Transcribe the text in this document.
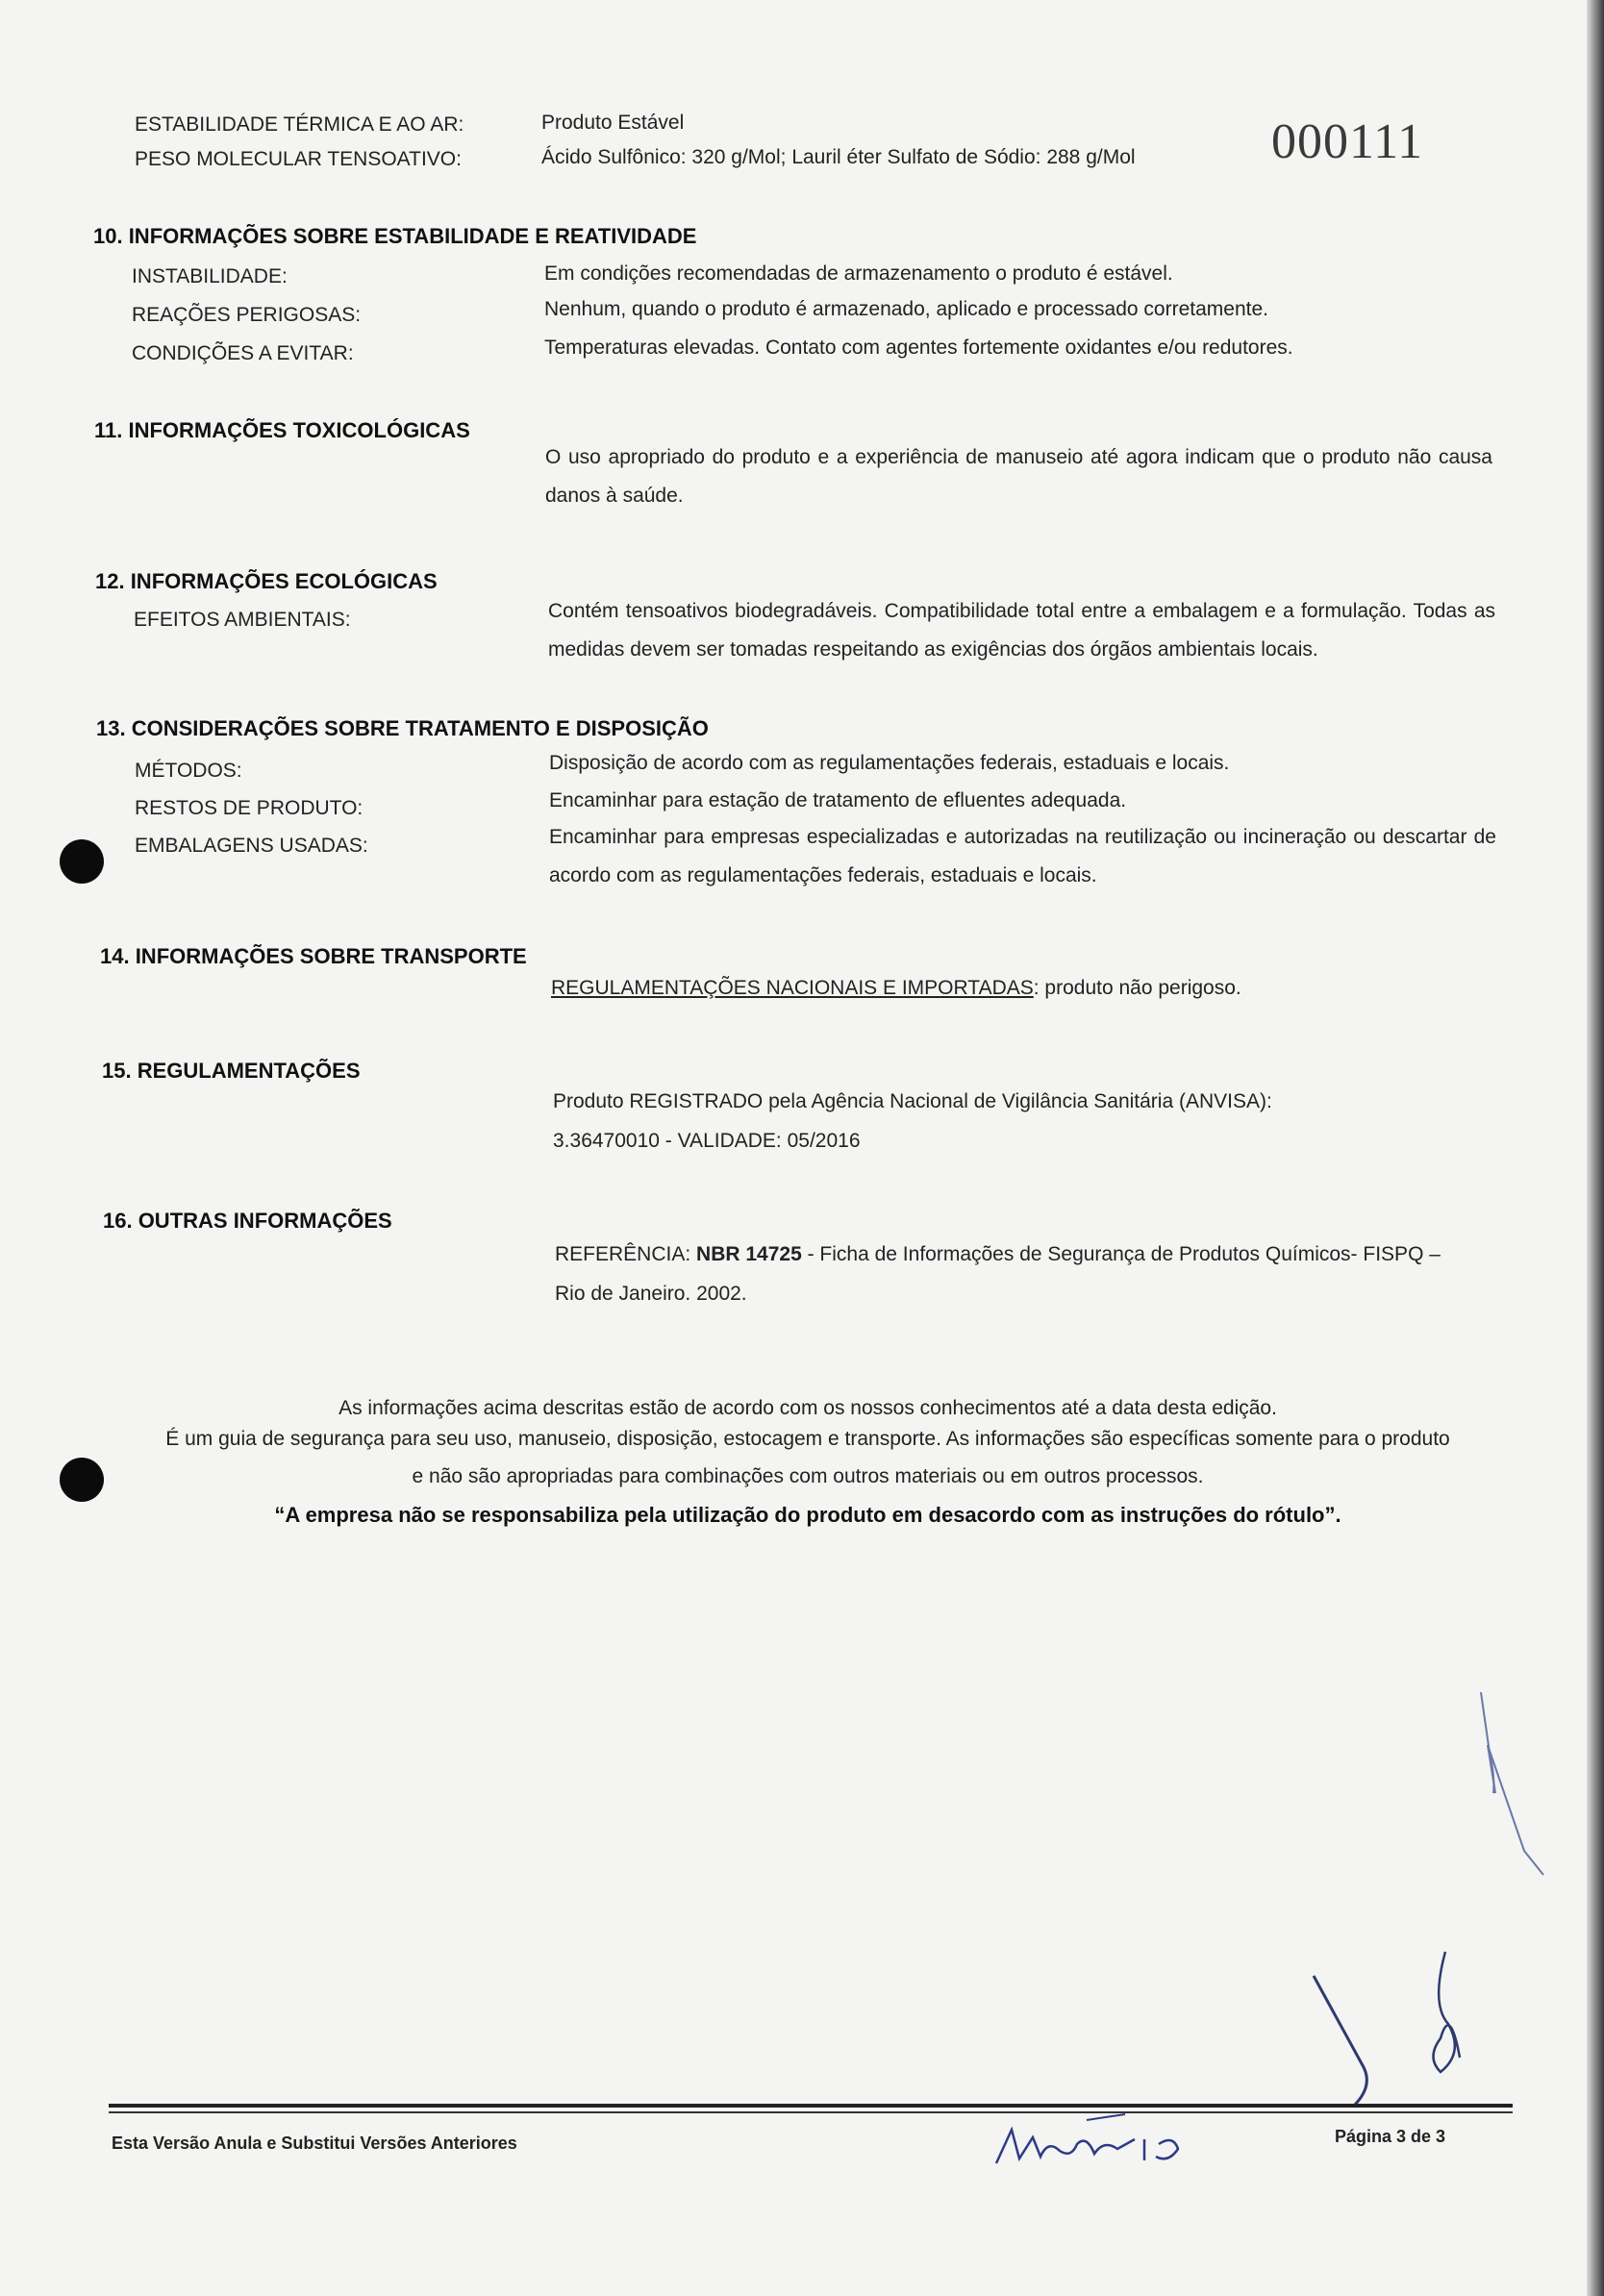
ESTABILIDADE TÉRMICA E AO AR:	Produto Estável
PESO MOLECULAR TENSOATIVO:	Ácido Sulfônico: 320 g/Mol; Lauril éter Sulfato de Sódio: 288 g/Mol	000111
10. INFORMAÇÕES SOBRE ESTABILIDADE E REATIVIDADE
INSTABILIDADE:	Em condições recomendadas de armazenamento o produto é estável.
REAÇÕES PERIGOSAS:	Nenhum, quando o produto é armazenado, aplicado e processado corretamente.
CONDIÇÕES A EVITAR:	Temperaturas elevadas. Contato com agentes fortemente oxidantes e/ou redutores.
11. INFORMAÇÕES TOXICOLÓGICAS
O uso apropriado do produto e a experiência de manuseio até agora indicam que o produto não causa danos à saúde.
12. INFORMAÇÕES ECOLÓGICAS
EFEITOS AMBIENTAIS:	Contém tensoativos biodegradáveis. Compatibilidade total entre a embalagem e a formulação. Todas as medidas devem ser tomadas respeitando as exigências dos órgãos ambientais locais.
13. CONSIDERAÇÕES SOBRE TRATAMENTO E DISPOSIÇÃO
MÉTODOS:	Disposição de acordo com as regulamentações federais, estaduais e locais.
RESTOS DE PRODUTO:	Encaminhar para estação de tratamento de efluentes adequada.
EMBALAGENS USADAS:	Encaminhar para empresas especializadas e autorizadas na reutilização ou incineração ou descartar de acordo com as regulamentações federais, estaduais e locais.
14. INFORMAÇÕES SOBRE TRANSPORTE
REGULAMENTAÇÕES NACIONAIS E IMPORTADAS: produto não perigoso.
15. REGULAMENTAÇÕES
Produto REGISTRADO pela Agência Nacional de Vigilância Sanitária (ANVISA):
3.36470010 - VALIDADE: 05/2016
16. OUTRAS INFORMAÇÕES
REFERÊNCIA: NBR 14725 - Ficha de Informações de Segurança de Produtos Químicos- FISPQ –
Rio de Janeiro. 2002.
As informações acima descritas estão de acordo com os nossos conhecimentos até a data desta edição.
É um guia de segurança para seu uso, manuseio, disposição, estocagem e transporte. As informações são específicas somente para o produto
e não são apropriadas para combinações com outros materiais ou em outros processos.
“A empresa não se responsabiliza pela utilização do produto em desacordo com as instruções do rótulo”.
Esta Versão Anula e Substitui Versões Anteriores	Página 3 de 3
